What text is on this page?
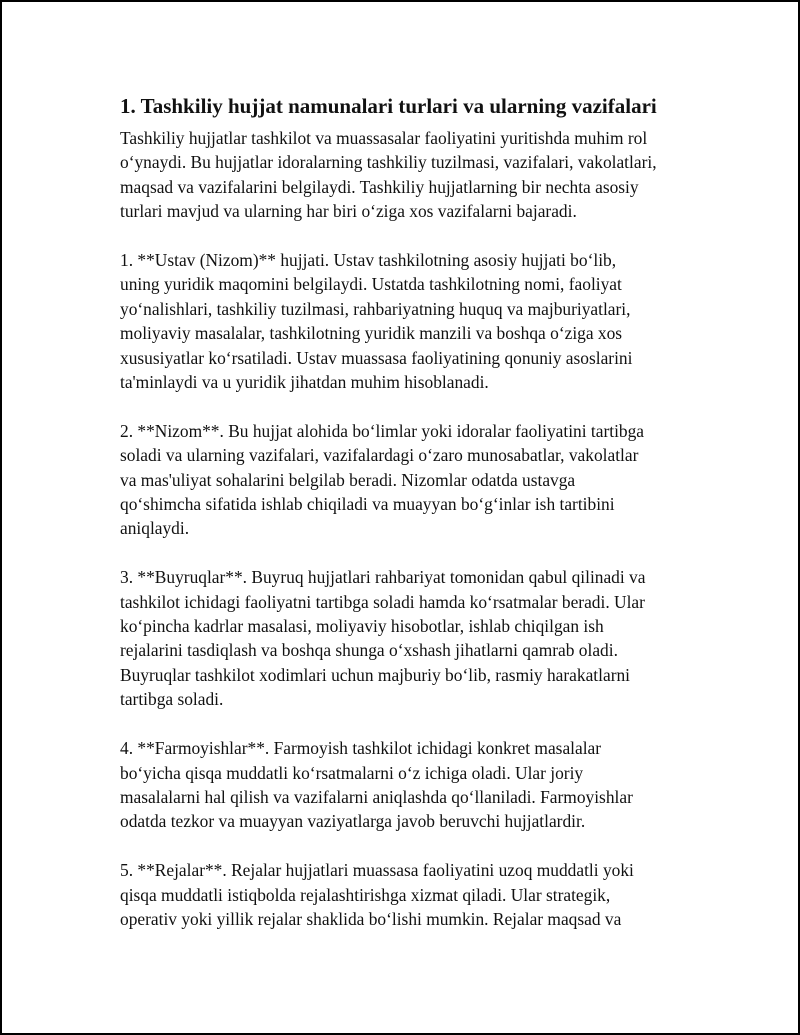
1. Tashkiliy hujjat namunalari turlari va ularning vazifalari

Tashkiliy hujjatlar tashkilot va muassasalar faoliyatini yuritishda muhim rol
o‘ynaydi. Bu hujjatlar idoralarning tashkiliy tuzilmasi, vazifalari, vakolatlari,
maqsad va vazifalarini belgilaydi. Tashkiliy hujjatlarning bir nechta asosiy
turlari mavjud va ularning har biri o‘ziga xos vazifalarni bajaradi.

1. **Ustav (Nizom)** hujjati. Ustav tashkilotning asosiy hujjati bo‘lib,
uning yuridik maqomini belgilaydi. Ustatda tashkilotning nomi, faoliyat
yo‘nalishlari, tashkiliy tuzilmasi, rahbariyatning huquq va majburiyatlari,
moliyaviy masalalar, tashkilotning yuridik manzili va boshqa o‘ziga xos
xususiyatlar ko‘rsatiladi. Ustav muassasa faoliyatining qonuniy asoslarini
ta'minlaydi va u yuridik jihatdan muhim hisoblanadi.

2. **Nizom**. Bu hujjat alohida bo‘limlar yoki idoralar faoliyatini tartibga
soladi va ularning vazifalari, vazifalardagi o‘zaro munosabatlar, vakolatlar
va mas'uliyat sohalarini belgilab beradi. Nizomlar odatda ustavga
qo‘shimcha sifatida ishlab chiqiladi va muayyan bo‘g‘inlar ish tartibini
aniqlaydi.

3. **Buyruqlar**. Buyruq hujjatlari rahbariyat tomonidan qabul qilinadi va
tashkilot ichidagi faoliyatni tartibga soladi hamda ko‘rsatmalar beradi. Ular
ko‘pincha kadrlar masalasi, moliyaviy hisobotlar, ishlab chiqilgan ish
rejalarini tasdiqlash va boshqa shunga o‘xshash jihatlarni qamrab oladi.
Buyruqlar tashkilot xodimlari uchun majburiy bo‘lib, rasmiy harakatlarni
tartibga soladi.

4. **Farmoyishlar**. Farmoyish tashkilot ichidagi konkret masalalar
bo‘yicha qisqa muddatli ko‘rsatmalarni o‘z ichiga oladi. Ular joriy
masalalarni hal qilish va vazifalarni aniqlashda qo‘llaniladi. Farmoyishlar
odatda tezkor va muayyan vaziyatlarga javob beruvchi hujjatlardir.

5. **Rejalar**. Rejalar hujjatlari muassasa faoliyatini uzoq muddatli yoki
qisqa muddatli istiqbolda rejalashtirishga xizmat qiladi. Ular strategik,
operativ yoki yillik rejalar shaklida bo‘lishi mumkin. Rejalar maqsad va
